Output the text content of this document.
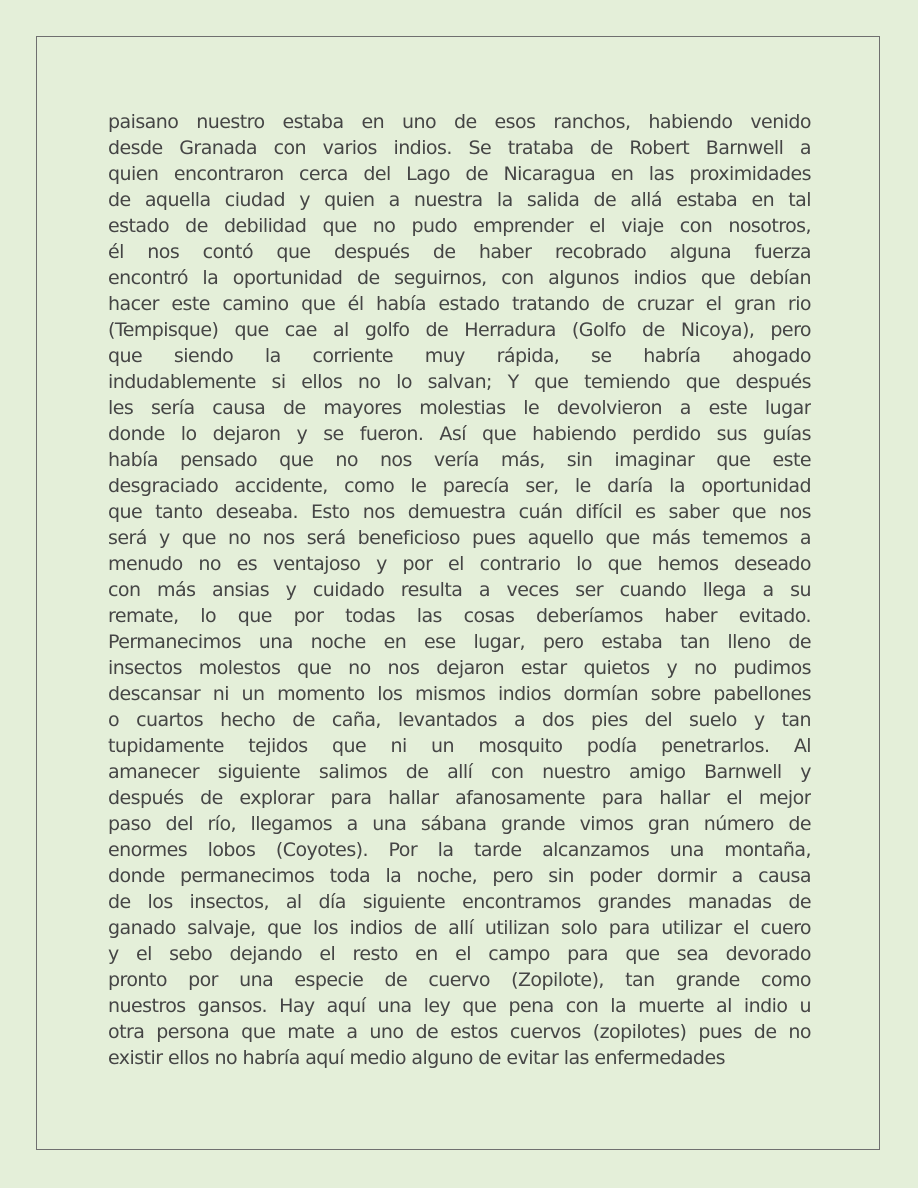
paisano nuestro estaba en uno de esos ranchos, habiendo venido
desde Granada con varios indios. Se trataba de Robert Barnwell a
quien encontraron cerca del Lago de Nicaragua en las proximidades
de aquella ciudad y quien a nuestra la salida de allá estaba en tal
estado de debilidad que no pudo emprender el viaje con nosotros,
él nos contó que después de haber recobrado alguna fuerza
encontró la oportunidad de seguirnos, con algunos indios que debían
hacer este camino que él había estado tratando de cruzar el gran rio
(Tempisque) que cae al golfo de Herradura (Golfo de Nicoya), pero
que siendo la corriente muy rápida, se habría ahogado
indudablemente si ellos no lo salvan; Y que temiendo que después
les sería causa de mayores molestias le devolvieron a este lugar
donde lo dejaron y se fueron. Así que habiendo perdido sus guías
había pensado que no nos vería más, sin imaginar que este
desgraciado accidente, como le parecía ser, le daría la oportunidad
que tanto deseaba. Esto nos demuestra cuán difícil es saber que nos
será y que no nos será beneficioso pues aquello que más tememos a
menudo no es ventajoso y por el contrario lo que hemos deseado
con más ansias y cuidado resulta a veces ser cuando llega a su
remate, lo que por todas las cosas deberíamos haber evitado.
Permanecimos una noche en ese lugar, pero estaba tan lleno de
insectos molestos que no nos dejaron estar quietos y no pudimos
descansar ni un momento los mismos indios dormían sobre pabellones
o cuartos hecho de caña, levantados a dos pies del suelo y tan
tupidamente tejidos que ni un mosquito podía penetrarlos. Al
amanecer siguiente salimos de allí con nuestro amigo Barnwell y
después de explorar para hallar afanosamente para hallar el mejor
paso del río, llegamos a una sábana grande vimos gran número de
enormes lobos (Coyotes). Por la tarde alcanzamos una montaña,
donde permanecimos toda la noche, pero sin poder dormir a causa
de los insectos, al día siguiente encontramos grandes manadas de
ganado salvaje, que los indios de allí utilizan solo para utilizar el cuero
y el sebo dejando el resto en el campo para que sea devorado
pronto por una especie de cuervo (Zopilote), tan grande como
nuestros gansos. Hay aquí una ley que pena con la muerte al indio u
otra persona que mate a uno de estos cuervos (zopilotes) pues de no
existir ellos no habría aquí medio alguno de evitar las enfermedades
